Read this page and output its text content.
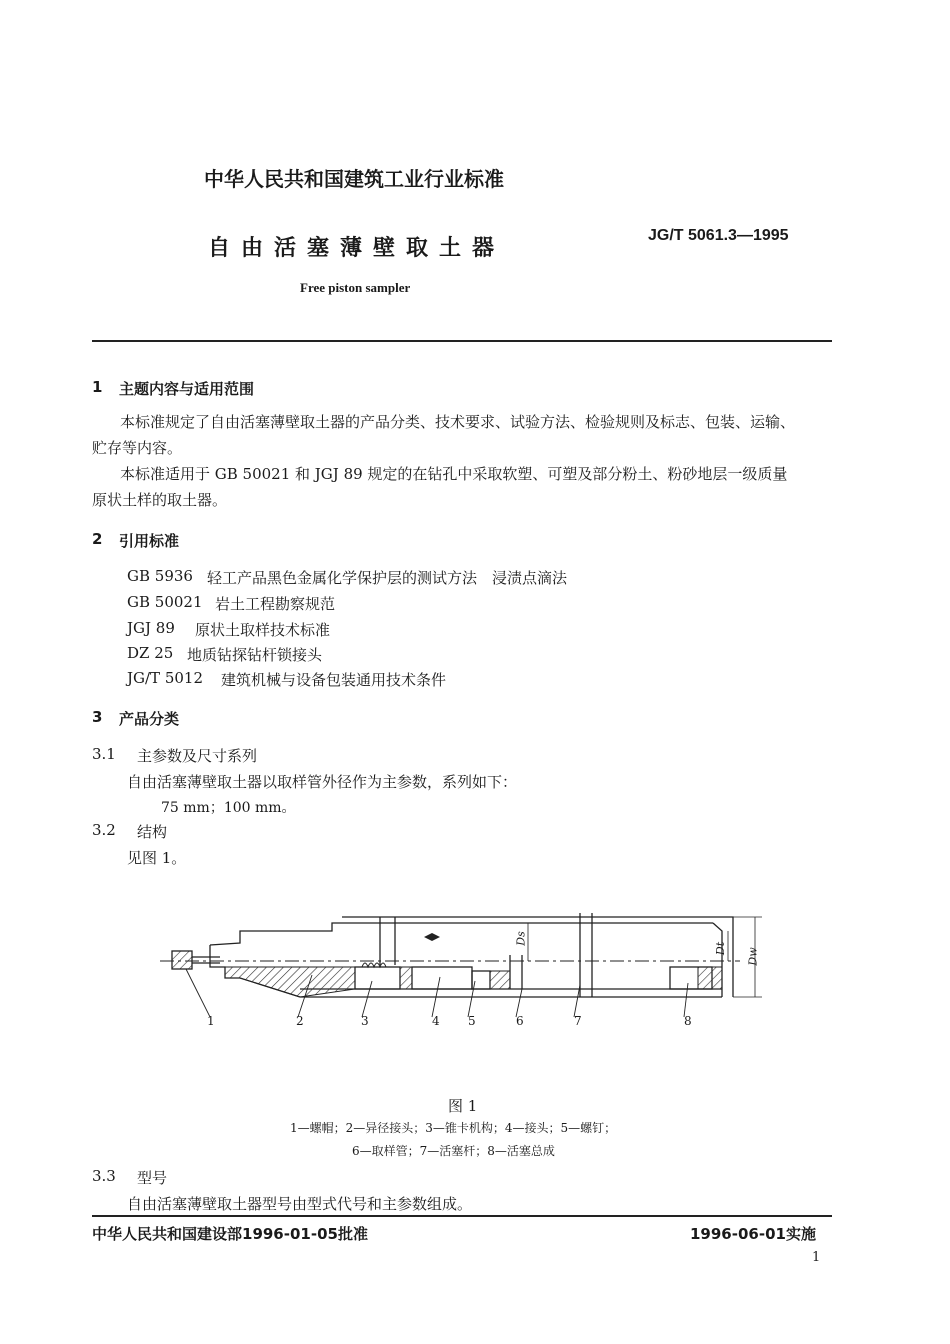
中华人民共和国建筑工业行业标准
自由活塞薄壁取土器
JG/T 5061.3—1995
Free piston sampler
1 主题内容与适用范围
本标准规定了自由活塞薄壁取土器的产品分类、技术要求、试验方法、检验规则及标志、包装、运输、
贮存等内容。
本标准适用于 GB 50021 和 JGJ 89 规定的在钻孔中采取软塑、可塑及部分粉土、粉砂地层一级质量
原状土样的取土器。
2 引用标准
GB 5936 轻工产品黑色金属化学保护层的测试方法　浸渍点滴法
GB 50021 岩土工程勘察规范
JGJ 89 原状土取样技术标准
DZ 25 地质钻探钻杆锁接头
JG/T 5012 建筑机械与设备包装通用技术条件
3 产品分类
3.1 主参数及尺寸系列
自由活塞薄壁取土器以取样管外径作为主参数，系列如下：
75 mm；100 mm。
3.2 结构
见图 1。
1	2	3	4 5	6	7	8
Ds
Dt Dw
图 1
1—螺帽；2—异径接头；3—锥卡机构；4—接头；5—螺钉；
6—取样管；7—活塞杆；8—活塞总成
3.3 型号
自由活塞薄壁取土器型号由型式代号和主参数组成。
中华人民共和国建设部1996-01-05批准	1996-06-01实施
1
